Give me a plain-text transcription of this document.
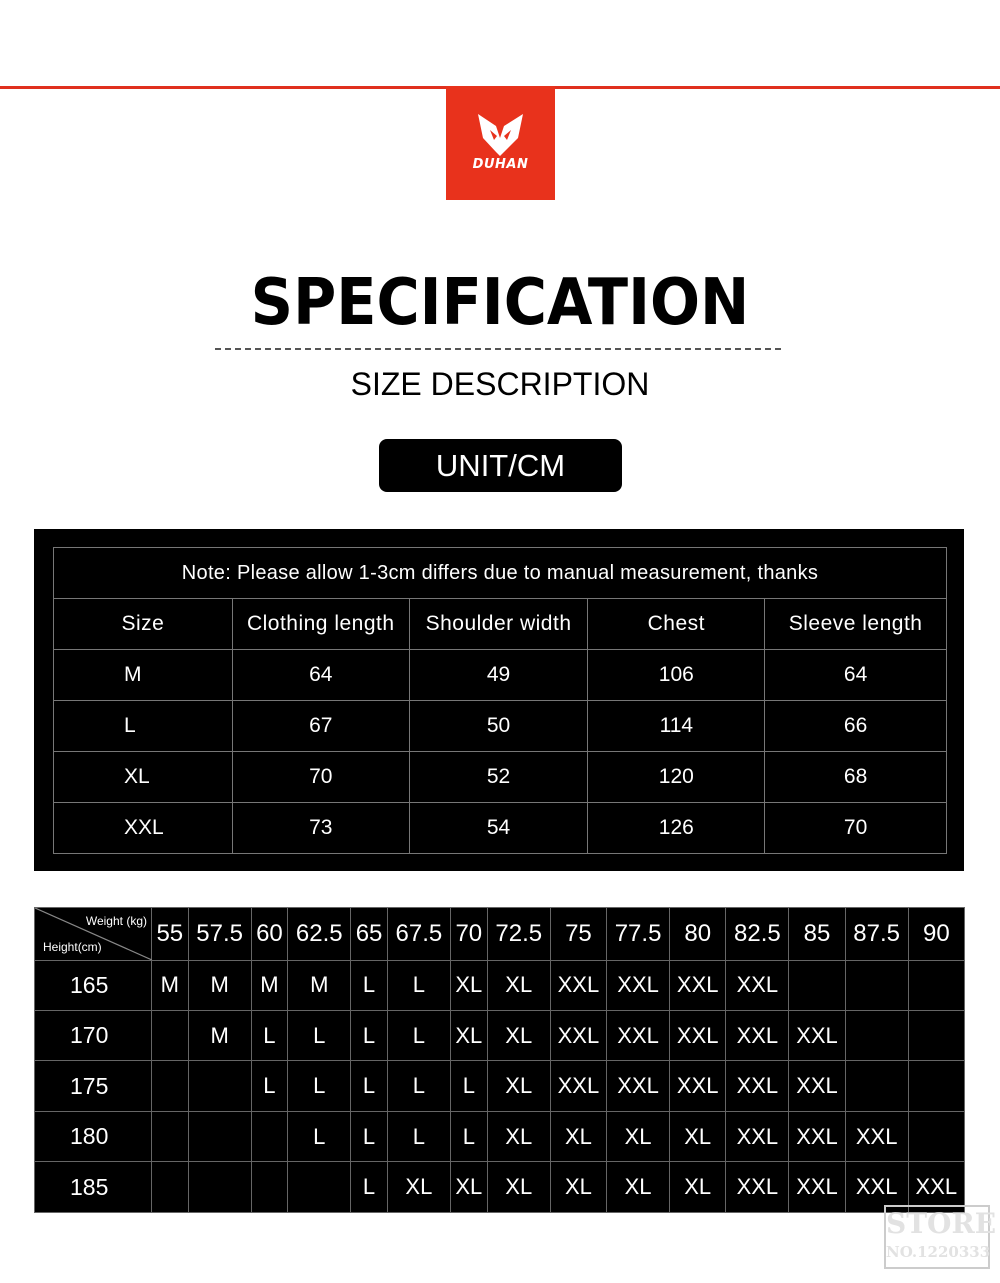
DUHAN
SPECIFICATION
SIZE DESCRIPTION
UNIT/CM
Note: Please allow 1-3cm differs due to manual measurement, thanks				
Size	Clothing length	Shoulder width	Chest	Sleeve length
M	64	49	106	64
L	67	50	114	66
XL	70	52	120	68
XXL	73	54	126	70
Weight (kg)
Height(cm)	55	57.5	60	62.5	65	67.5	70	72.5	75	77.5	80	82.5	85	87.5	90
165	M	M	M	M	L	L	XL	XL	XXL	XXL	XXL	XXL			
170		M	L	L	L	L	XL	XL	XXL	XXL	XXL	XXL	XXL		
175			L	L	L	L	L	XL	XXL	XXL	XXL	XXL	XXL		
180				L	L	L	L	XL	XL	XL	XL	XXL	XXL	XXL	
185					L	XL	XL	XL	XL	XL	XL	XXL	XXL	XXL	XXL
STORE
NO.1220333
